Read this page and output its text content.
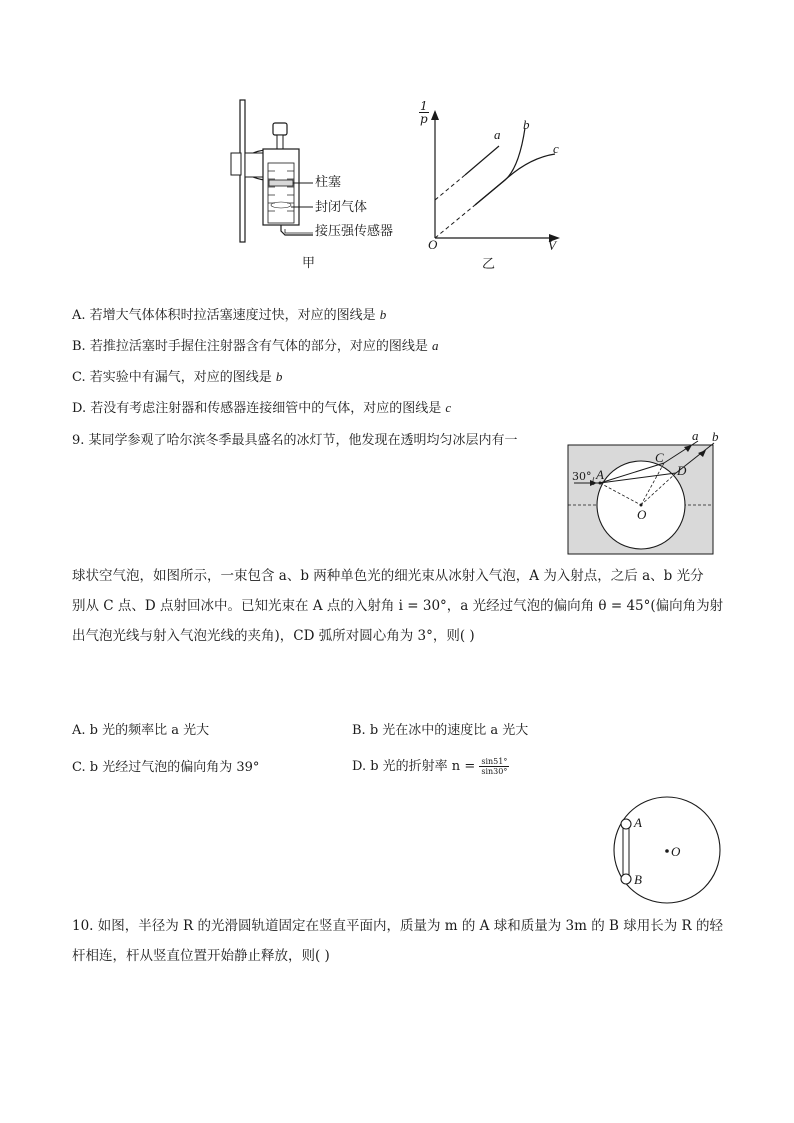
柱塞
封闭气体
接压强传感器
甲
1
p
O	V
a
b
c
乙
A. 若增大气体体积时拉活塞速度过快，对应的图线是 b
B. 若推拉活塞时手握住注射器含有气体的部分，对应的图线是 a
C. 若实验中有漏气，对应的图线是 b
D. 若没有考虑注射器和传感器连接细管中的气体，对应的图线是 c
9. 某同学参观了哈尔滨冬季最具盛名的冰灯节，他发现在透明均匀冰层内有一
30° A
C
D
O
a b
球状空气泡，如图所示，一束包含 a、b 两种单色光的细光束从冰射入气泡，A 为入射点，之后 a、b 光分
别从 C 点、D 点射回冰中。已知光束在 A 点的入射角 i = 30°，a 光经过气泡的偏向角 θ = 45°(偏向角为射
出气泡光线与射入气泡光线的夹角)，CD 弧所对圆心角为 3°，则( )
A. b 光的频率比 a 光大	B. b 光在冰中的速度比 a 光大
C. b 光经过气泡的偏向角为 39°	D. b 光的折射率 $n = \frac{\sin 51^\circ}{\sin 30^\circ}$
A
B
O
10. 如图，半径为 R 的光滑圆轨道固定在竖直平面内，质量为 m 的 A 球和质量为 3m 的 B 球用长为 R 的轻
杆相连，杆从竖直位置开始静止释放，则( )
